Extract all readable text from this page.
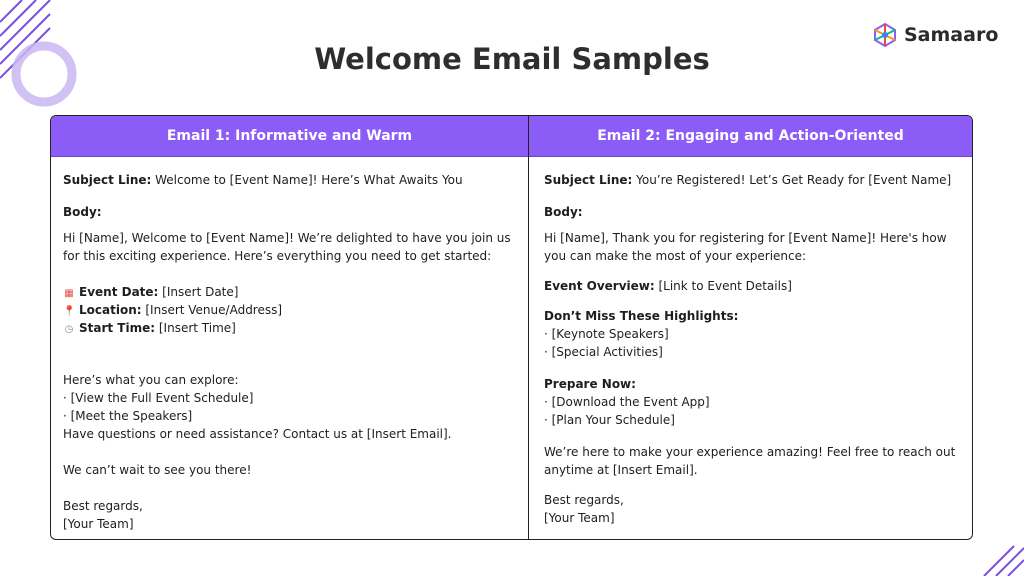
Samaaro
Welcome Email Samples
Email 1: Informative and Warm

Subject Line: Welcome to [Event Name]! Here’s What Awaits You

Body:

Hi [Name], Welcome to [Event Name]! We’re delighted to have you join us

for this exciting experience. Here’s everything you need to get started:

▦ Event Date: [Insert Date]

📍 Location: [Insert Venue/Address]

◷ Start Time: [Insert Time]

Here’s what you can explore:

· [View the Full Event Schedule]

· [Meet the Speakers]

Have questions or need assistance? Contact us at [Insert Email].

We can’t wait to see you there!

Best regards,

[Your Team]

Email 2: Engaging and Action-Oriented

Subject Line: You’re Registered! Let’s Get Ready for [Event Name]

Body:

Hi [Name], Thank you for registering for [Event Name]! Here's how

you can make the most of your experience:

Event Overview: [Link to Event Details]

Don’t Miss These Highlights:

· [Keynote Speakers]

· [Special Activities]

Prepare Now:

· [Download the Event App]

· [Plan Your Schedule]

We’re here to make your experience amazing! Feel free to reach out

anytime at [Insert Email].

Best regards,

[Your Team]
